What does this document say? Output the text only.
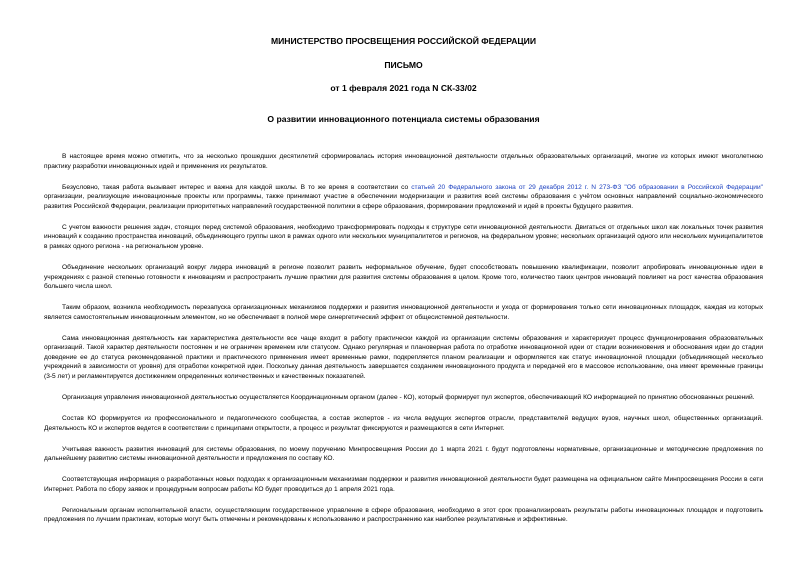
МИНИСТЕРСТВО ПРОСВЕЩЕНИЯ РОССИЙСКОЙ ФЕДЕРАЦИИ
ПИСЬМО
от 1 февраля 2021 года N СК-33/02
О развитии инновационного потенциала системы образования

В настоящее время можно отметить, что за несколько прошедших десятилетий сформировалась история инновационной деятельности отдельных образовательных организаций, многие из которых имеют многолетнюю практику разработки инновационных идей и применения их результатов.

Безусловно, такая работа вызывает интерес и важна для каждой школы. В то же время в соответствии со статьей 20 Федерального закона от 29 декабря 2012 г. N 273-ФЗ "Об образовании в Российской Федерации" организации, реализующие инновационные проекты или программы, также принимают участие в обеспечении модернизации и развития всей системы образования с учётом основных направлений социально-экономического развития Российской Федерации, реализации приоритетных направлений государственной политики в сфере образования, формировании предложений и идей в проекты будущего развития.

С учетом важности решения задач, стоящих перед системой образования, необходимо трансформировать подходы к структуре сети инновационной деятельности. Двигаться от отдельных школ как локальных точек развития инноваций к созданию пространства инноваций, объединяющего группы школ в рамках одного или нескольких муниципалитетов и регионов, на федеральном уровне; нескольких организаций одного или нескольких муниципалитетов в рамках одного региона - на региональном уровне.

Объединение нескольких организаций вокруг лидера инноваций в регионе позволит развить неформальное обучение, будет способствовать повышению квалификации, позволит апробировать инновационные идеи в учреждениях с разной степенью готовности к инновациям и распространить лучшие практики для развития системы образования в целом. Кроме того, количество таких центров инноваций повлияет на рост качества образования большего числа школ.

Таким образом, возникла необходимость перезапуска организационных механизмов поддержки и развития инновационной деятельности и ухода от формирования только сети инновационных площадок, каждая из которых является самостоятельным инновационным элементом, но не обеспечивает в полной мере синергетический эффект от общесистемной деятельности.

Сама инновационная деятельность как характеристика деятельности все чаще входит в работу практически каждой из организации системы образования и характеризует процесс функционирования образовательных организаций. Такой характер деятельности постоянен и не ограничен временем или статусом. Однако регулярная и плановерная работа по отработке инновационной идеи от стадии возникновения и обоснования идеи до стадии доведение ее до статуса рекомендованной практики и практического применения имеет временные рамки, подкрепляется планом реализации и оформляется как статус инновационной площадки (объединяющей несколько учреждений в зависимости от уровня) для отработки конкретной идеи. Поскольку данная деятельность завершается созданием инновационного продукта и передачей его в массовое использование, она имеет временные границы (3-5 лет) и регламентируется достижением определенных количественных и качественных показателей.

Организация управления инновационной деятельностью осуществляется Координационным органом (далее - КО), который формирует пул экспертов, обеспечивающий КО информацией по принятию обоснованных решений.

Состав КО формируется из профессионального и педагогического сообщества, а состав экспертов - из числа ведущих экспертов отрасли, представителей ведущих вузов, научных школ, общественных организаций. Деятельность КО и экспертов ведется в соответствии с принципами открытости, а процесс и результат фиксируются и размещаются в сети Интернет.

Учитывая важность развития инноваций для системы образования, по моему поручению Минпросвещения России до 1 марта 2021 г. будут подготовлены нормативные, организационные и методические предложения по дальнейшему развитию системы инновационной деятельности и предложения по составу КО.

Соответствующая информация о разработанных новых подходах к организационным механизмам поддержки и развития инновационной деятельности будет размещена на официальном сайте Минпросвещения России в сети Интернет. Работа по сбору заявок и процедурным вопросам работы КО будет проводиться до 1 апреля 2021 года.

Региональным органам исполнительной власти, осуществляющим государственное управление в сфере образования, необходимо в этот срок проанализировать результаты работы инновационных площадок и подготовить предложения по лучшим практикам, которые могут быть отмечены и рекомендованы к использованию и распространению как наиболее результативные и эффективные.
